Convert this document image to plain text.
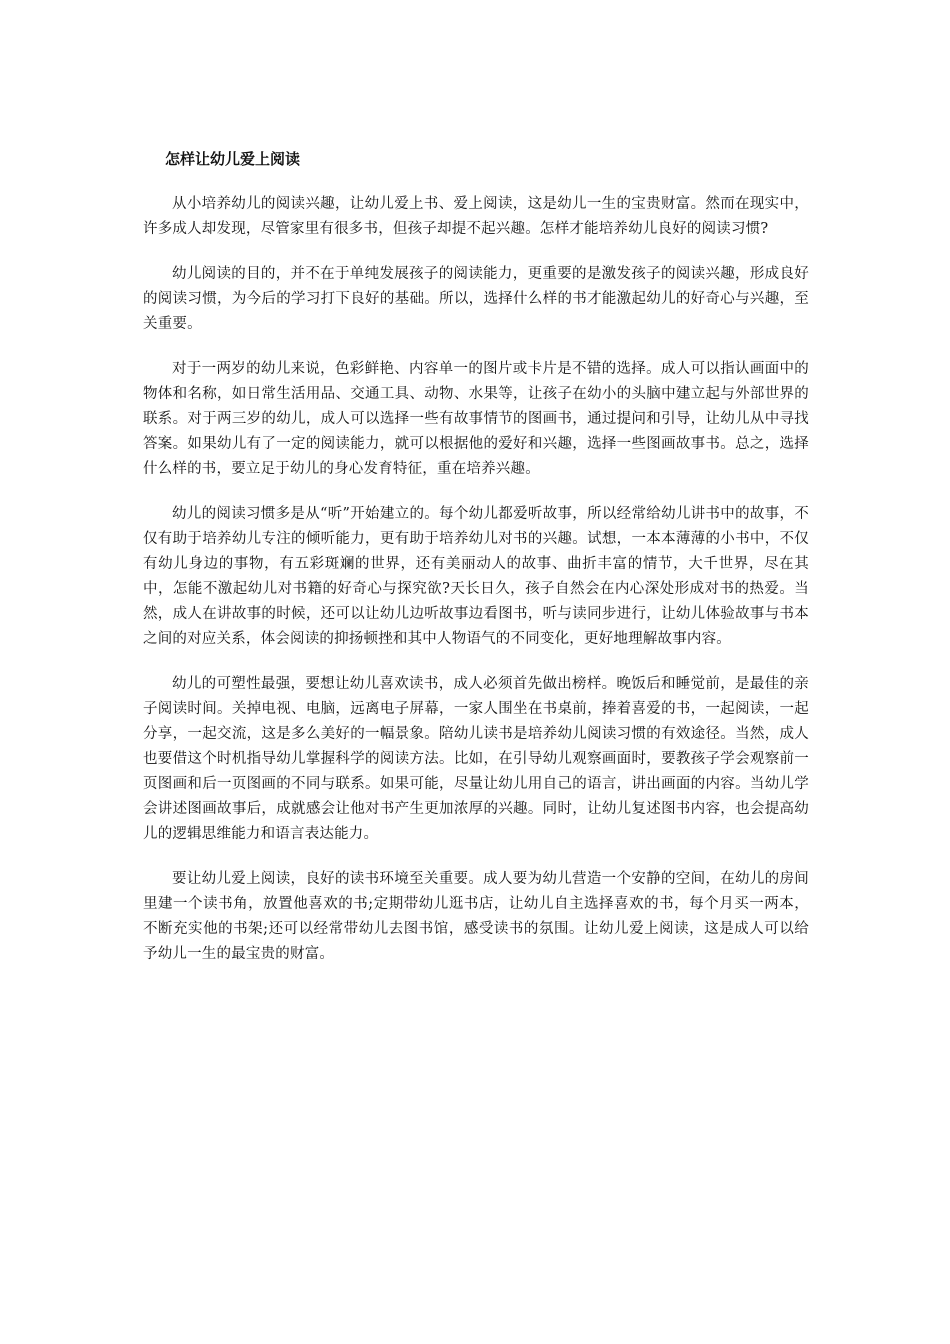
怎样让幼儿爱上阅读

从小培养幼儿的阅读兴趣，让幼儿爱上书、爱上阅读，这是幼儿一生的宝贵财富。然而在现实中，许多成人却发现，尽管家里有很多书，但孩子却提不起兴趣。怎样才能培养幼儿良好的阅读习惯?

幼儿阅读的目的，并不在于单纯发展孩子的阅读能力，更重要的是激发孩子的阅读兴趣，形成良好的阅读习惯，为今后的学习打下良好的基础。所以，选择什么样的书才能激起幼儿的好奇心与兴趣，至关重要。

对于一两岁的幼儿来说，色彩鲜艳、内容单一的图片或卡片是不错的选择。成人可以指认画面中的物体和名称，如日常生活用品、交通工具、动物、水果等，让孩子在幼小的头脑中建立起与外部世界的联系。对于两三岁的幼儿，成人可以选择一些有故事情节的图画书，通过提问和引导，让幼儿从中寻找答案。如果幼儿有了一定的阅读能力，就可以根据他的爱好和兴趣，选择一些图画故事书。总之，选择什么样的书，要立足于幼儿的身心发育特征，重在培养兴趣。

幼儿的阅读习惯多是从“听”开始建立的。每个幼儿都爱听故事，所以经常给幼儿讲书中的故事，不仅有助于培养幼儿专注的倾听能力，更有助于培养幼儿对书的兴趣。试想，一本本薄薄的小书中，不仅有幼儿身边的事物，有五彩斑斓的世界，还有美丽动人的故事、曲折丰富的情节，大千世界，尽在其中，怎能不激起幼儿对书籍的好奇心与探究欲?天长日久，孩子自然会在内心深处形成对书的热爱。当然，成人在讲故事的时候，还可以让幼儿边听故事边看图书，听与读同步进行，让幼儿体验故事与书本之间的对应关系，体会阅读的抑扬顿挫和其中人物语气的不同变化，更好地理解故事内容。

幼儿的可塑性最强，要想让幼儿喜欢读书，成人必须首先做出榜样。晚饭后和睡觉前，是最佳的亲子阅读时间。关掉电视、电脑，远离电子屏幕，一家人围坐在书桌前，捧着喜爱的书，一起阅读，一起分享，一起交流，这是多么美好的一幅景象。陪幼儿读书是培养幼儿阅读习惯的有效途径。当然，成人也要借这个时机指导幼儿掌握科学的阅读方法。比如，在引导幼儿观察画面时，要教孩子学会观察前一页图画和后一页图画的不同与联系。如果可能，尽量让幼儿用自己的语言，讲出画面的内容。当幼儿学会讲述图画故事后，成就感会让他对书产生更加浓厚的兴趣。同时，让幼儿复述图书内容，也会提高幼儿的逻辑思维能力和语言表达能力。

要让幼儿爱上阅读，良好的读书环境至关重要。成人要为幼儿营造一个安静的空间，在幼儿的房间里建一个读书角，放置他喜欢的书;定期带幼儿逛书店，让幼儿自主选择喜欢的书，每个月买一两本，不断充实他的书架;还可以经常带幼儿去图书馆，感受读书的氛围。让幼儿爱上阅读，这是成人可以给予幼儿一生的最宝贵的财富。
